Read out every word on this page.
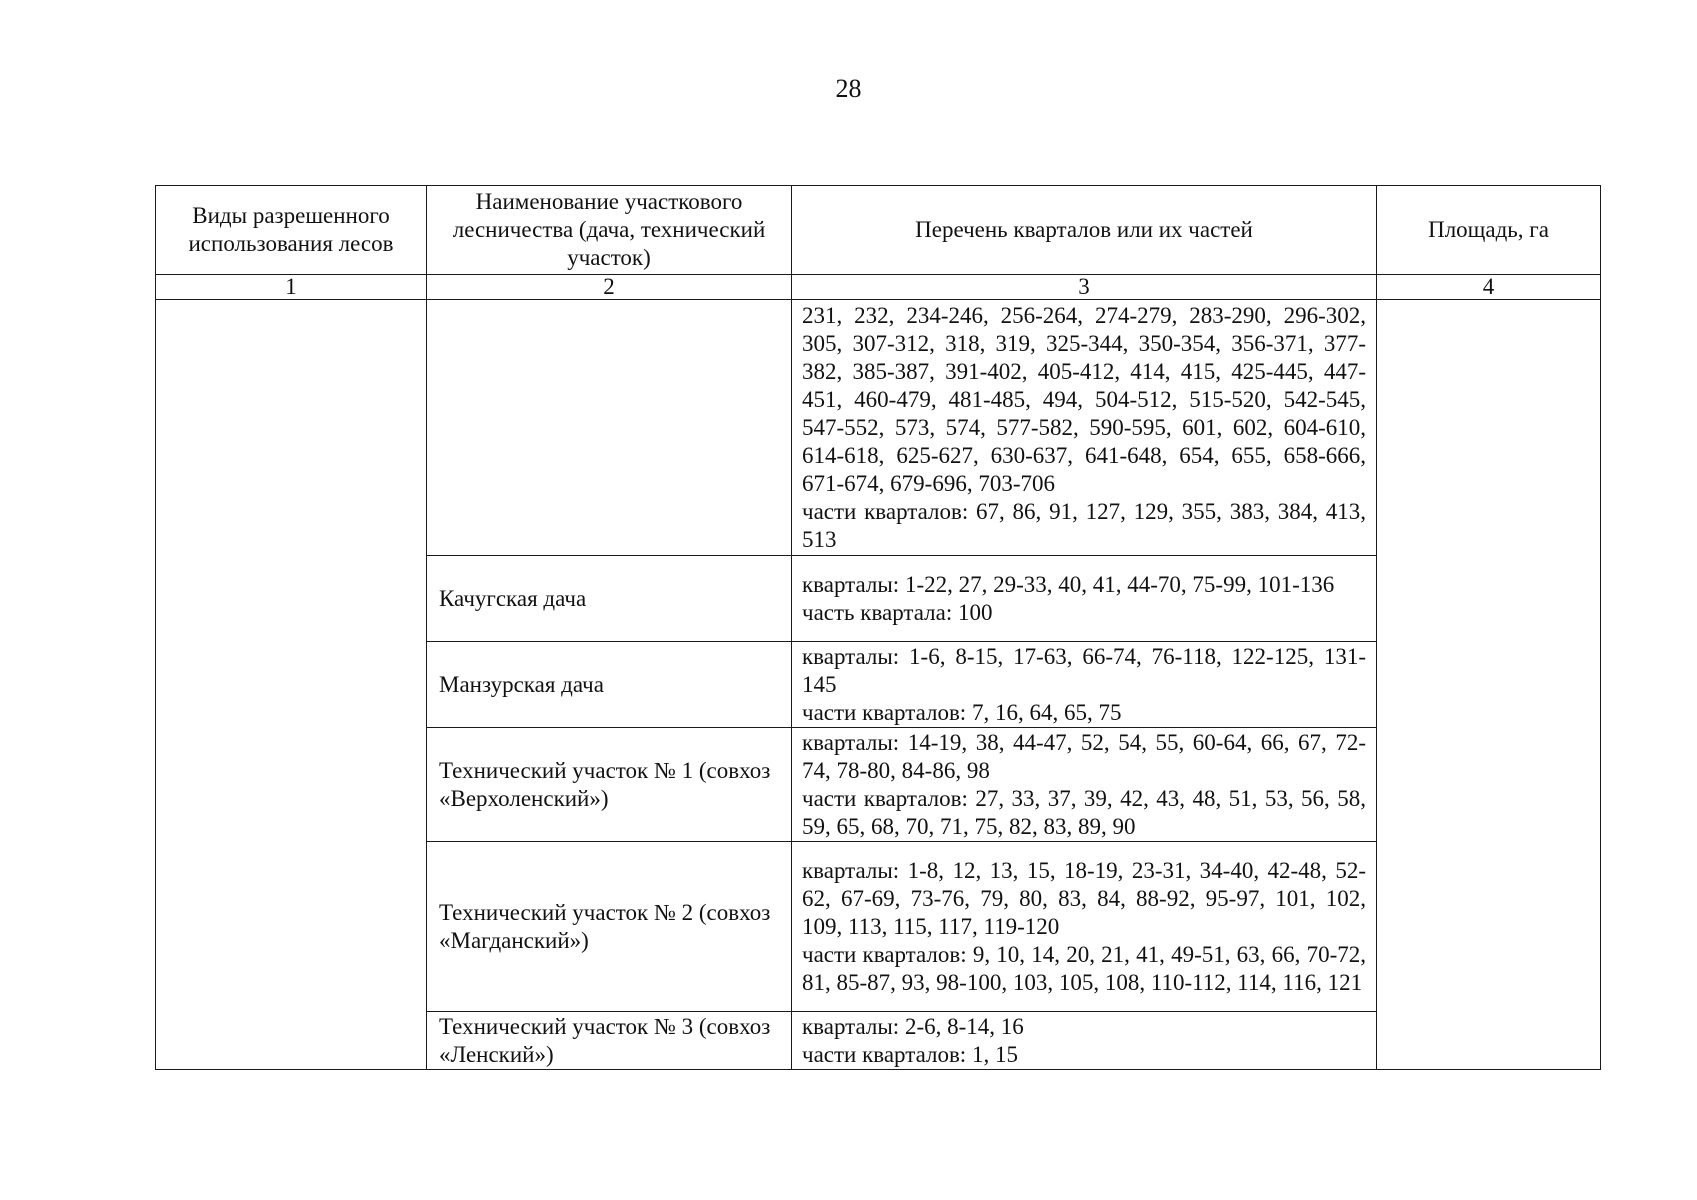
28
Виды разрешенного использования лесов	Наименование участкового лесничества (дача, технический участок)	Перечень кварталов или их частей	Площадь, га
1	2	3	4

		231, 232, 234-246, 256-264, 274-279, 283-290, 296-302, 305, 307-312, 318, 319, 325-344, 350-354, 356-371, 377-382, 385-387, 391-402, 405-412, 414, 415, 425-445, 447-451, 460-479, 481-485, 494, 504-512, 515-520, 542-545, 547-552, 573, 574, 577-582, 590-595, 601, 602, 604-610, 614-618, 625-627, 630-637, 641-648, 654, 655, 658-666, 671-674, 679-696, 703-706
части кварталов: 67, 86, 91, 127, 129, 355, 383, 384, 413, 513	

	Качугская дача	кварталы: 1-22, 27, 29-33, 40, 41, 44-70, 75-99, 101-136
часть квартала: 100	

	Манзурская дача	кварталы: 1-6, 8-15, 17-63, 66-74, 76-118, 122-125, 131-145
части кварталов: 7, 16, 64, 65, 75	

	Технический участок № 1 (совхоз «Верхоленский»)	кварталы: 14-19, 38, 44-47, 52, 54, 55, 60-64, 66, 67, 72-74, 78-80, 84-86, 98
части кварталов: 27, 33, 37, 39, 42, 43, 48, 51, 53, 56, 58, 59, 65, 68, 70, 71, 75, 82, 83, 89, 90	

	Технический участок № 2 (совхоз «Магданский»)	кварталы: 1-8, 12, 13, 15, 18-19, 23-31, 34-40, 42-48, 52-62, 67-69, 73-76, 79, 80, 83, 84, 88-92, 95-97, 101, 102, 109, 113, 115, 117, 119-120
части кварталов: 9, 10, 14, 20, 21, 41, 49-51, 63, 66, 70-72, 81, 85-87, 93, 98-100, 103, 105, 108, 110-112, 114, 116, 121	

	Технический участок № 3 (совхоз «Ленский»)	кварталы: 2-6, 8-14, 16
части кварталов: 1, 15	
